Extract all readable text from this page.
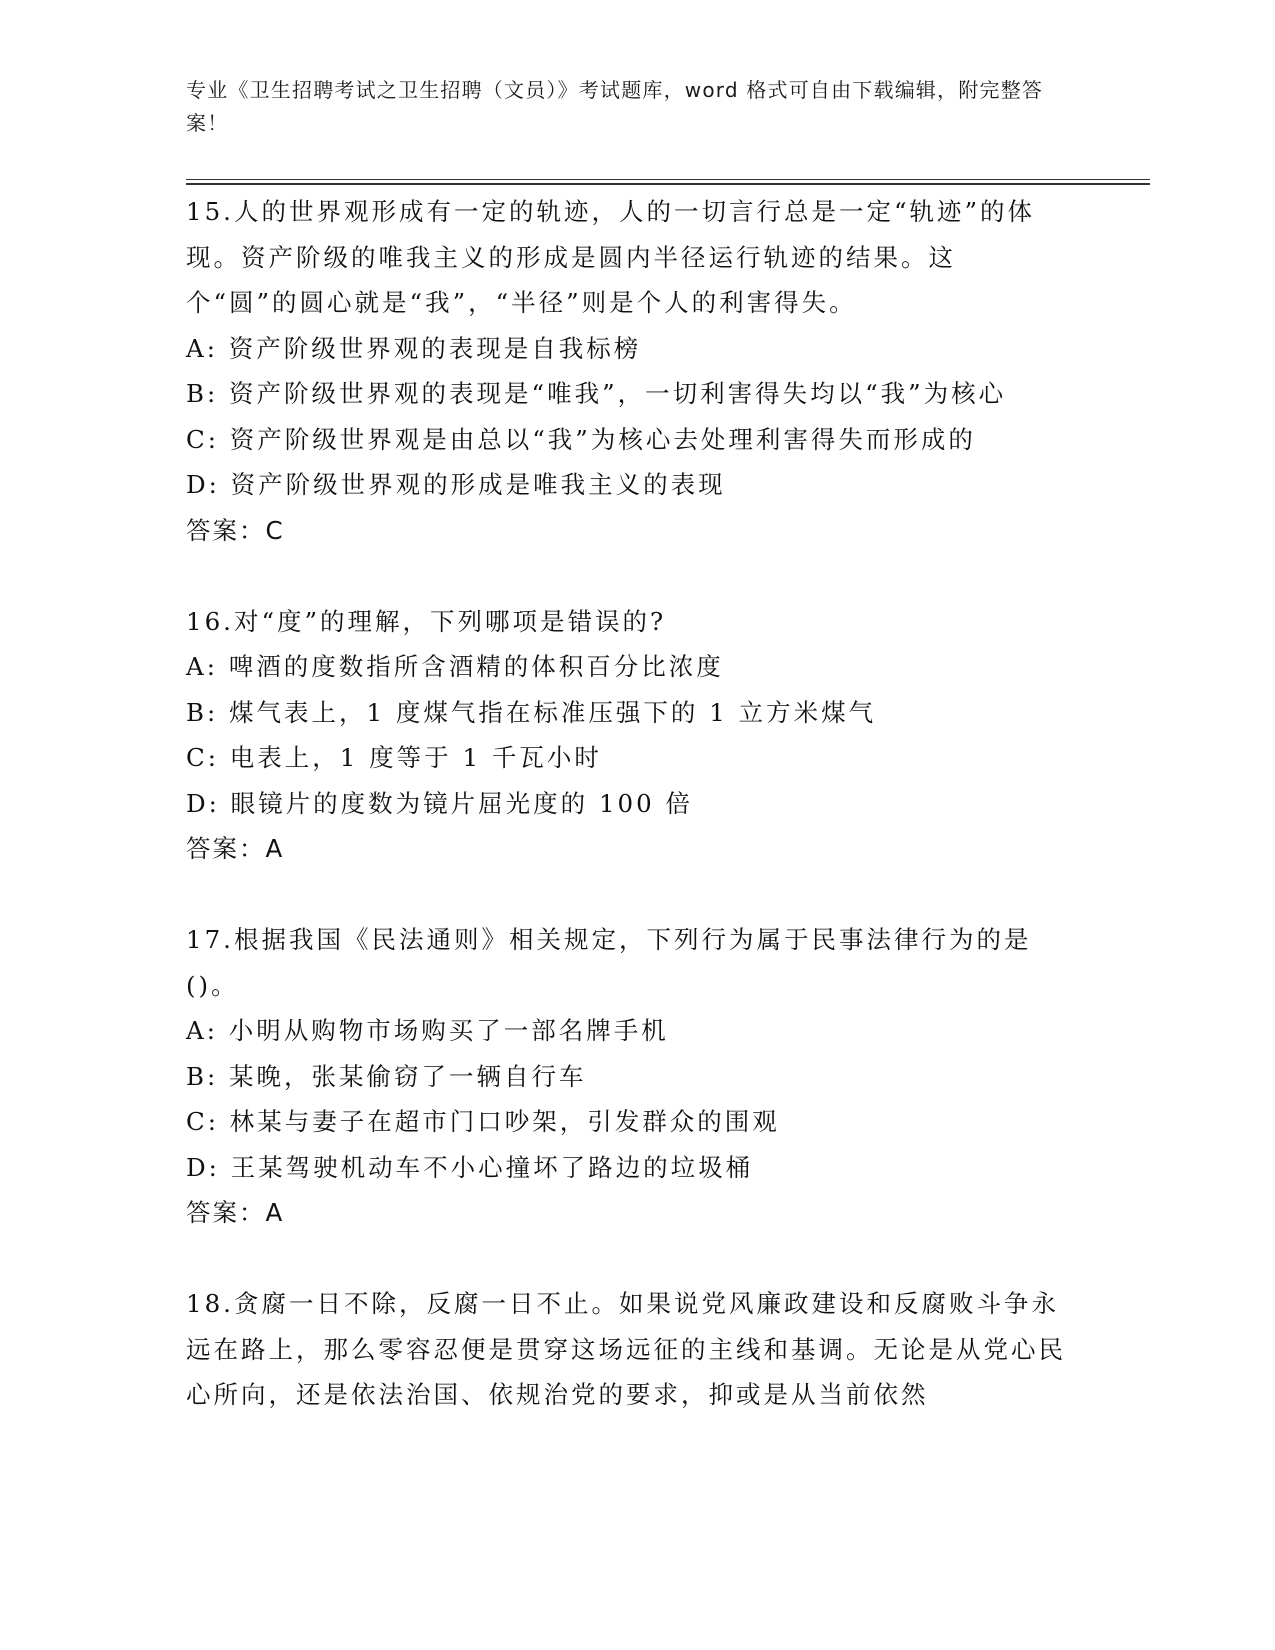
专业《卫生招聘考试之卫生招聘（文员）》考试题库，word 格式可自由下载编辑，附完整答案！

15.人的世界观形成有一定的轨迹，人的一切言行总是一定“轨迹”的体现。资产阶级的唯我主义的形成是圆内半径运行轨迹的结果。这个“圆”的圆心就是“我”，“半径”则是个人的利害得失。

A: 资产阶级世界观的表现是自我标榜

B: 资产阶级世界观的表现是“唯我”，一切利害得失均以“我”为核心

C: 资产阶级世界观是由总以“我”为核心去处理利害得失而形成的

D: 资产阶级世界观的形成是唯我主义的表现

答案：C

16.对“度”的理解，下列哪项是错误的?

A: 啤酒的度数指所含酒精的体积百分比浓度

B: 煤气表上，1 度煤气指在标准压强下的 1 立方米煤气

C: 电表上，1 度等于 1 千瓦小时

D: 眼镜片的度数为镜片屈光度的 100 倍

答案：A

17.根据我国《民法通则》相关规定，下列行为属于民事法律行为的是()。

A: 小明从购物市场购买了一部名牌手机

B: 某晚，张某偷窃了一辆自行车

C: 林某与妻子在超市门口吵架，引发群众的围观

D: 王某驾驶机动车不小心撞坏了路边的垃圾桶

答案：A

18.贪腐一日不除，反腐一日不止。如果说党风廉政建设和反腐败斗争永远在路上，那么零容忍便是贯穿这场远征的主线和基调。无论是从党心民心所向，还是依法治国、依规治党的要求，抑或是从当前依然
